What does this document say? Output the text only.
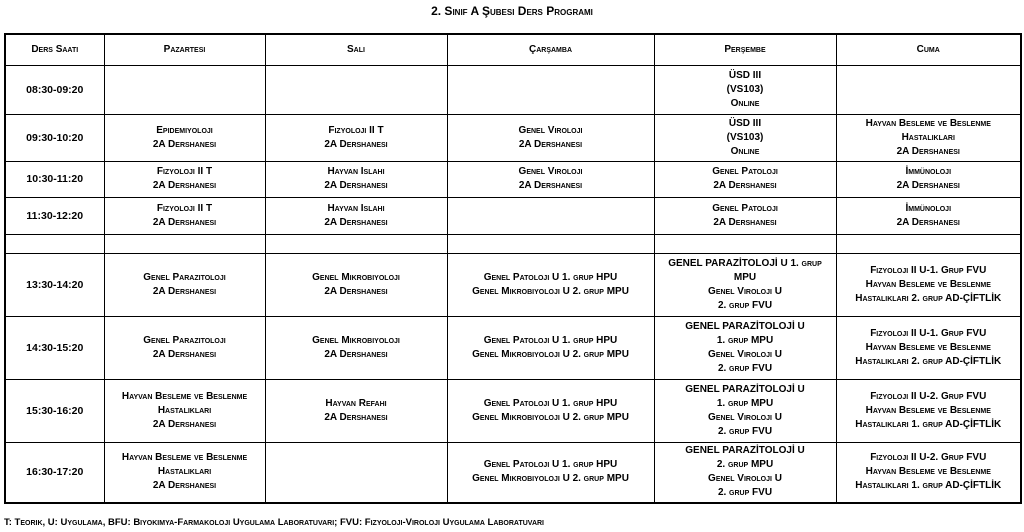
2. Sınıf A Şubesi Ders Programı
Ders Saati	Pazartesi	Salı	Çarşamba	Perşembe	Cuma
08:30-09:20				ÜSD III
(VS103)
Online	
09:30-10:20	Epidemiyoloji
2A Dershanesi	Fizyoloji II T
2A Dershanesi	Genel Viroloji
2A Dershanesi	ÜSD III
(VS103)
Online	Hayvan Besleme ve Beslenme
Hastalıkları
2A Dershanesi
10:30-11:20	Fizyoloji II T
2A Dershanesi	Hayvan Islahı
2A Dershanesi	Genel Viroloji
2A Dershanesi	Genel Patoloji
2A Dershanesi	İmmünoloji
2A Dershanesi
11:30-12:20	Fizyoloji II T
2A Dershanesi	Hayvan Islahı
2A Dershanesi		Genel Patoloji
2A Dershanesi	İmmünoloji
2A Dershanesi

13:30-14:20	Genel Parazitoloji
2A Dershanesi	Genel Mikrobiyoloji
2A Dershanesi	Genel Patoloji U 1. grup HPU
Genel Mikrobiyoloji U 2. grup MPU	GENEL PARAZİTOLOJİ U 1. grup
MPU
Genel Viroloji U
2. grup FVU	Fizyoloji II U-1. Grup FVU
Hayvan Besleme ve Beslenme
Hastalıkları 2. grup AD-ÇİFTLİK
14:30-15:20	Genel Parazitoloji
2A Dershanesi	Genel Mikrobiyoloji
2A Dershanesi	Genel Patoloji U 1. grup HPU
Genel Mikrobiyoloji U 2. grup MPU	GENEL PARAZİTOLOJİ U
1. grup MPU
Genel Viroloji U
2. grup FVU	Fizyoloji II U-1. Grup FVU
Hayvan Besleme ve Beslenme
Hastalıkları 2. grup AD-ÇİFTLİK
15:30-16:20	Hayvan Besleme ve Beslenme
Hastalıkları
2A Dershanesi	Hayvan Refahı
2A Dershanesi	Genel Patoloji U 1. grup HPU
Genel Mikrobiyoloji U 2. grup MPU	GENEL PARAZİTOLOJİ U
1. grup MPU
Genel Viroloji U
2. grup FVU	Fizyoloji II U-2. Grup FVU
Hayvan Besleme ve Beslenme
Hastalıkları 1. grup AD-ÇİFTLİK
16:30-17:20	Hayvan Besleme ve Beslenme
Hastalıkları
2A Dershanesi		Genel Patoloji U 1. grup HPU
Genel Mikrobiyoloji U 2. grup MPU	GENEL PARAZİTOLOJİ U
2. grup MPU
Genel Viroloji U
2. grup FVU	Fizyoloji II U-2. Grup FVU
Hayvan Besleme ve Beslenme
Hastalıkları 1. grup AD-ÇİFTLİK
T: Teorik, U: Uygulama, BFU: Biyokimya-Farmakoloji Uygulama Laboratuvarı; FVU: Fizyoloji-Viroloji Uygulama Laboratuvarı
